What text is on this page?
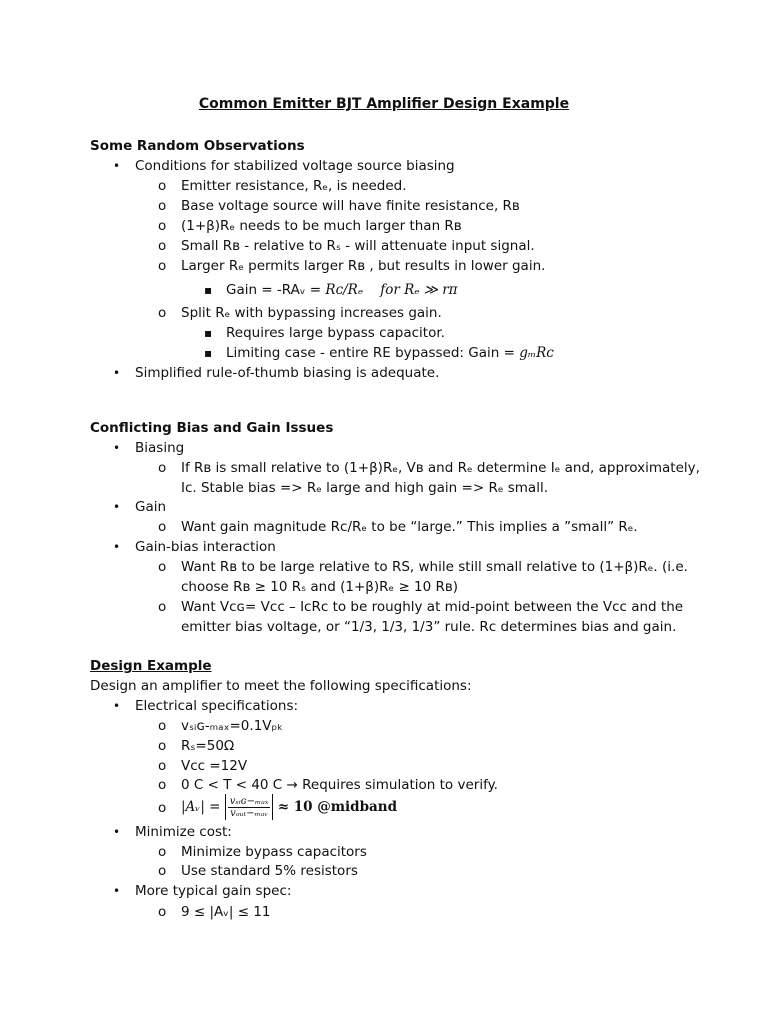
Common Emitter BJT Amplifier Design Example
Some Random Observations
• Conditions for stabilized voltage source biasing
o Emitter resistance, Rₑ, is needed.
o Base voltage source will have finite resistance, Rʙ
o (1+β)Rₑ needs to be much larger than Rʙ
o Small Rʙ - relative to Rₛ - will attenuate input signal.
o Larger Rₑ permits larger Rʙ , but results in lower gain.
▪ Gain = -RAᵥ = Rᴄ/Rₑ for Rₑ ≫ rπ
o Split Rₑ with bypassing increases gain.
▪ Requires large bypass capacitor.
▪ Limiting case - entire RE bypassed: Gain = gₘRᴄ
• Simplified rule-of-thumb biasing is adequate.
Conflicting Bias and Gain Issues
• Biasing
o If Rʙ is small relative to (1+β)Rₑ, Vʙ and Rₑ determine Iₑ and, approximately,
Iᴄ. Stable bias => Rₑ large and high gain => Rₑ small.
• Gain
o Want gain magnitude Rᴄ/Rₑ to be “large.” This implies a ”small” Rₑ.
• Gain-bias interaction
o Want Rʙ to be large relative to RS, while still small relative to (1+β)Rₑ. (i.e.
choose Rʙ ≥ 10 Rₛ and (1+β)Rₑ ≥ 10 Rʙ)
o Want Vᴄɢ= Vᴄᴄ – IᴄRᴄ to be roughly at mid-point between the Vᴄᴄ and the
emitter bias voltage, or “1/3, 1/3, 1/3” rule. Rᴄ determines bias and gain.
Design Example
Design an amplifier to meet the following specifications:
• Electrical specifications:
o vₛᵢɢ-ₘₐₓ=0.1Vₚₖ
o Rₛ=50Ω
o Vᴄᴄ =12V
o 0 C < T < 40 C → Requires simulation to verify.
o |Aᵥ| = $\frac{\text{vₛᵢɢ−ₘₐₓ}}{\text{vₒᵤₜ−ₘₐᵥ}} \approx 10$ @midband
• Minimize cost:
o Minimize bypass capacitors
o Use standard 5% resistors
• More typical gain spec:
o 9 ≤ |Aᵥ| ≤ 11
